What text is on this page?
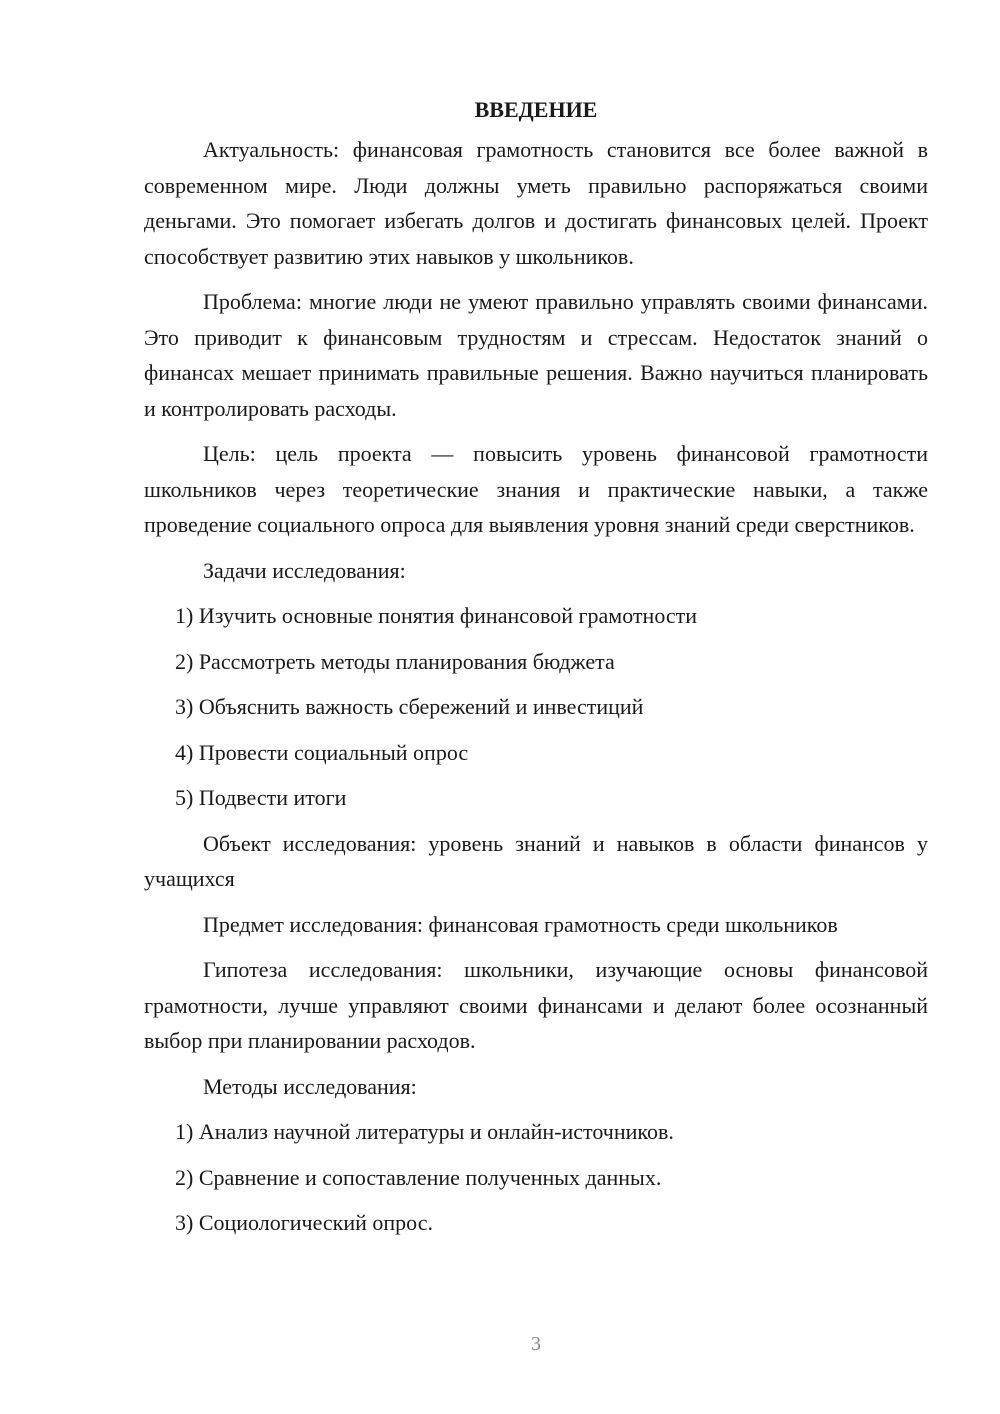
ВВЕДЕНИЕ

Актуальность: финансовая грамотность становится все более важной в современном мире. Люди должны уметь правильно распоряжаться своими деньгами. Это помогает избегать долгов и достигать финансовых целей. Проект способствует развитию этих навыков у школьников.

Проблема: многие люди не умеют правильно управлять своими финансами. Это приводит к финансовым трудностям и стрессам. Недостаток знаний о финансах мешает принимать правильные решения. Важно научиться планировать и контролировать расходы.

Цель: цель проекта — повысить уровень финансовой грамотности школьников через теоретические знания и практические навыки, а также проведение социального опроса для выявления уровня знаний среди сверстников.

Задачи исследования:

1) Изучить основные понятия финансовой грамотности
2) Рассмотреть методы планирования бюджета
3) Объяснить важность сбережений и инвестиций
4) Провести социальный опрос
5) Подвести итоги

Объект исследования: уровень знаний и навыков в области финансов у учащихся

Предмет исследования: финансовая грамотность среди школьников

Гипотеза исследования: школьники, изучающие основы финансовой грамотности, лучше управляют своими финансами и делают более осознанный выбор при планировании расходов.

Методы исследования:

1) Анализ научной литературы и онлайн-источников.
2) Сравнение и сопоставление полученных данных.
3) Социологический опрос.
3
